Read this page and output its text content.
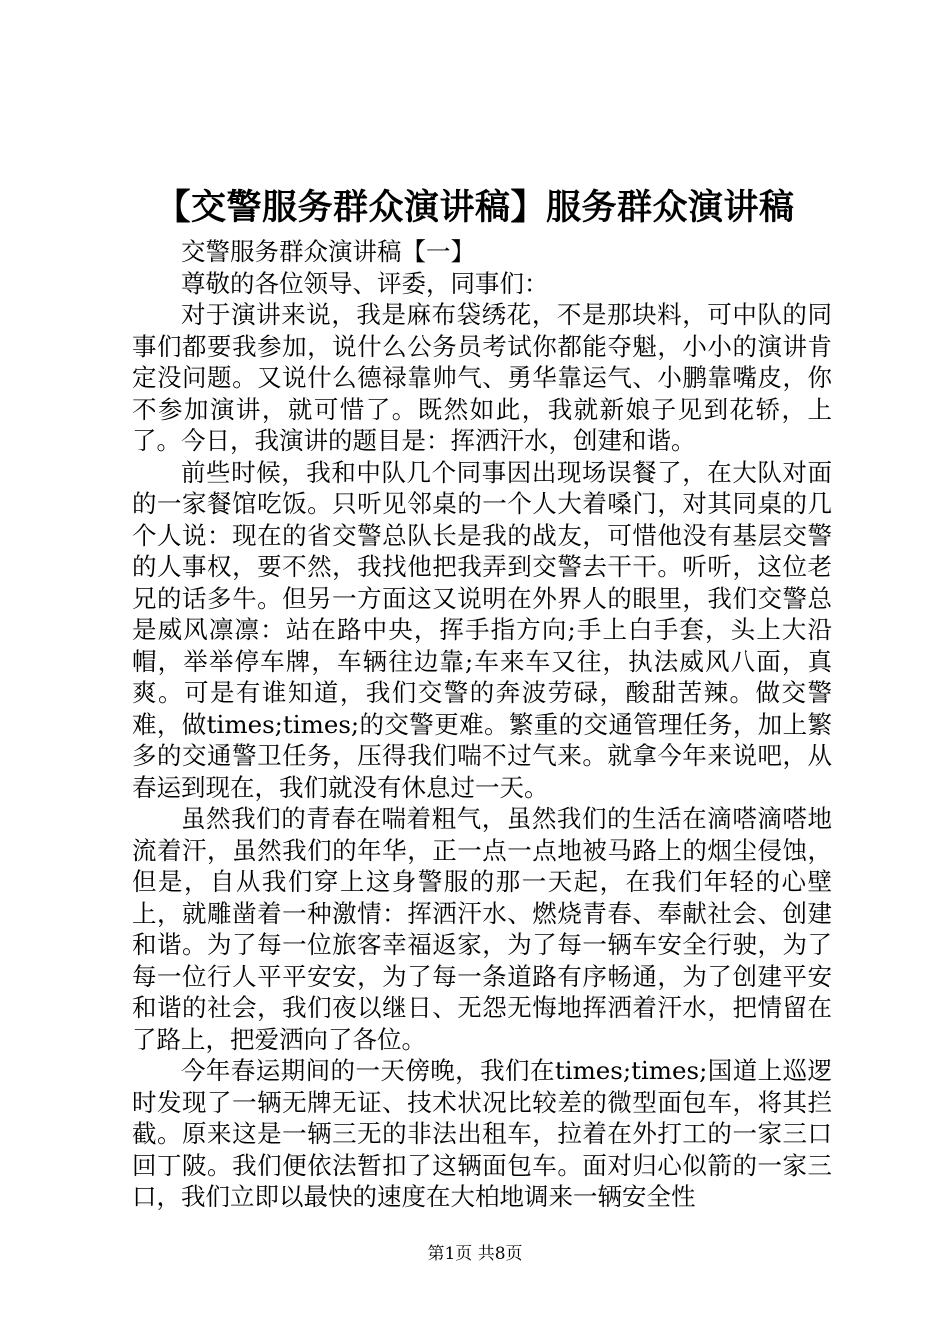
【交警服务群众演讲稿】服务群众演讲稿

交警服务群众演讲稿【一】

尊敬的各位领导、评委，同事们：

对于演讲来说，我是麻布袋绣花，不是那块料，可中队的同事们都要我参加，说什么公务员考试你都能夺魁，小小的演讲肯定没问题。又说什么德禄靠帅气、勇华靠运气、小鹏靠嘴皮，你不参加演讲，就可惜了。既然如此，我就新娘子见到花轿，上了。今日，我演讲的题目是：挥洒汗水，创建和谐。

前些时候，我和中队几个同事因出现场误餐了，在大队对面的一家餐馆吃饭。只听见邻桌的一个人大着嗓门，对其同桌的几个人说：现在的省交警总队长是我的战友，可惜他没有基层交警的人事权，要不然，我找他把我弄到交警去干干。听听，这位老兄的话多牛。但另一方面这又说明在外界人的眼里，我们交警总是威风凛凛：站在路中央，挥手指方向;手上白手套，头上大沿帽，举举停车牌，车辆往边靠;车来车又往，执法威风八面，真爽。可是有谁知道，我们交警的奔波劳碌，酸甜苦辣。做交警难，做times;times;的交警更难。繁重的交通管理任务，加上繁多的交通警卫任务，压得我们喘不过气来。就拿今年来说吧，从春运到现在，我们就没有休息过一天。

虽然我们的青春在喘着粗气，虽然我们的生活在滴嗒滴嗒地流着汗，虽然我们的年华，正一点一点地被马路上的烟尘侵蚀，但是，自从我们穿上这身警服的那一天起，在我们年轻的心壁上，就雕凿着一种激情：挥洒汗水、燃烧青春、奉献社会、创建和谐。为了每一位旅客幸福返家，为了每一辆车安全行驶，为了每一位行人平平安安，为了每一条道路有序畅通，为了创建平安和谐的社会，我们夜以继日、无怨无悔地挥洒着汗水，把情留在了路上，把爱洒向了各位。

今年春运期间的一天傍晚，我们在times;times;国道上巡逻时发现了一辆无牌无证、技术状况比较差的微型面包车，将其拦截。原来这是一辆三无的非法出租车，拉着在外打工的一家三口回丁陂。我们便依法暂扣了这辆面包车。面对归心似箭的一家三口，我们立即以最快的速度在大柏地调来一辆安全性

第1页 共8页
